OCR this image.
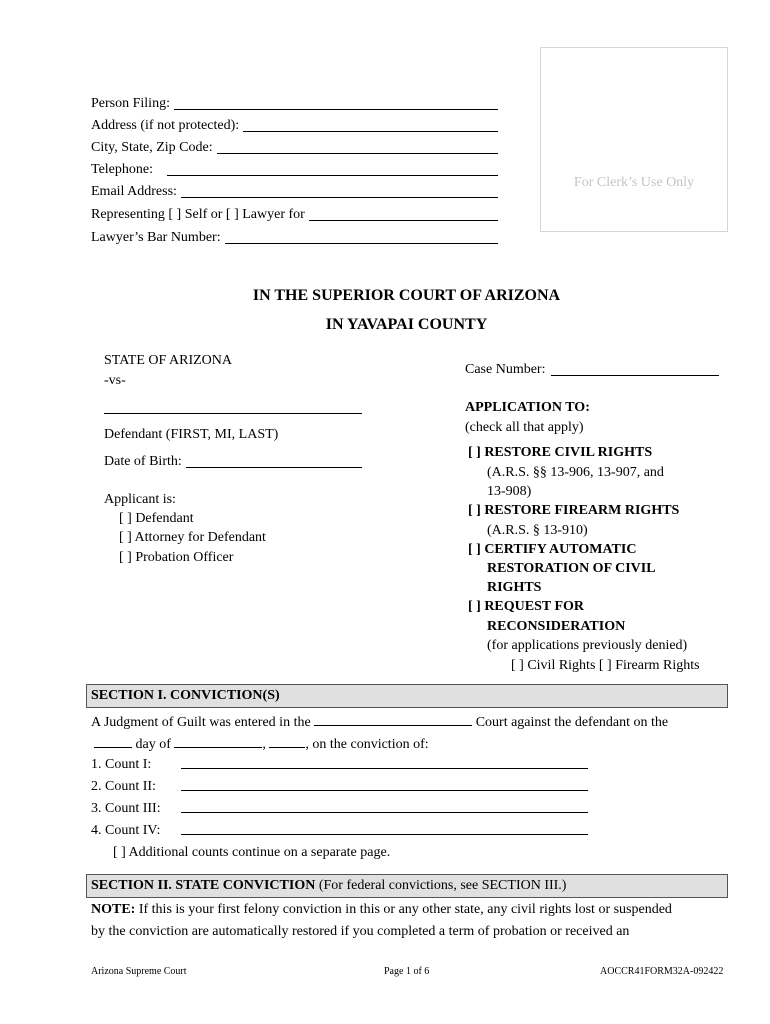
Person Filing:
Address (if not protected):
City, State, Zip Code:
Telephone:
Email Address:
Representing [ ] Self or [ ] Lawyer for
Lawyer’s Bar Number:
For Clerk’s Use Only
IN THE SUPERIOR COURT OF ARIZONA
IN YAVAPAI COUNTY
STATE OF ARIZONA
-vs-
Defendant (FIRST, MI, LAST)
Date of Birth:
Applicant is:
[ ] Defendant
[ ] Attorney for Defendant
[ ] Probation Officer
Case Number:
APPLICATION TO:
(check all that apply)
[ ] RESTORE CIVIL RIGHTS
(A.R.S. §§ 13-906, 13-907, and
13-908)
[ ] RESTORE FIREARM RIGHTS
(A.R.S. § 13-910)
[ ] CERTIFY AUTOMATIC
RESTORATION OF CIVIL
RIGHTS
[ ] REQUEST FOR
RECONSIDERATION
(for applications previously denied)
[ ] Civil Rights [ ] Firearm Rights
SECTION I. CONVICTION(S)
A Judgment of Guilt was entered in the	Court against the defendant on the
day of	,	, on the conviction of:
1. Count I:
2. Count II:
3. Count III:
4. Count IV:
[ ] Additional counts continue on a separate page.
SECTION II. STATE CONVICTION (For federal convictions, see SECTION III.)
NOTE: If this is your first felony conviction in this or any other state, any civil rights lost or suspended
by the conviction are automatically restored if you completed a term of probation or received an
Arizona Supreme Court	Page 1 of 6	AOCCR41FORM32A-092422
